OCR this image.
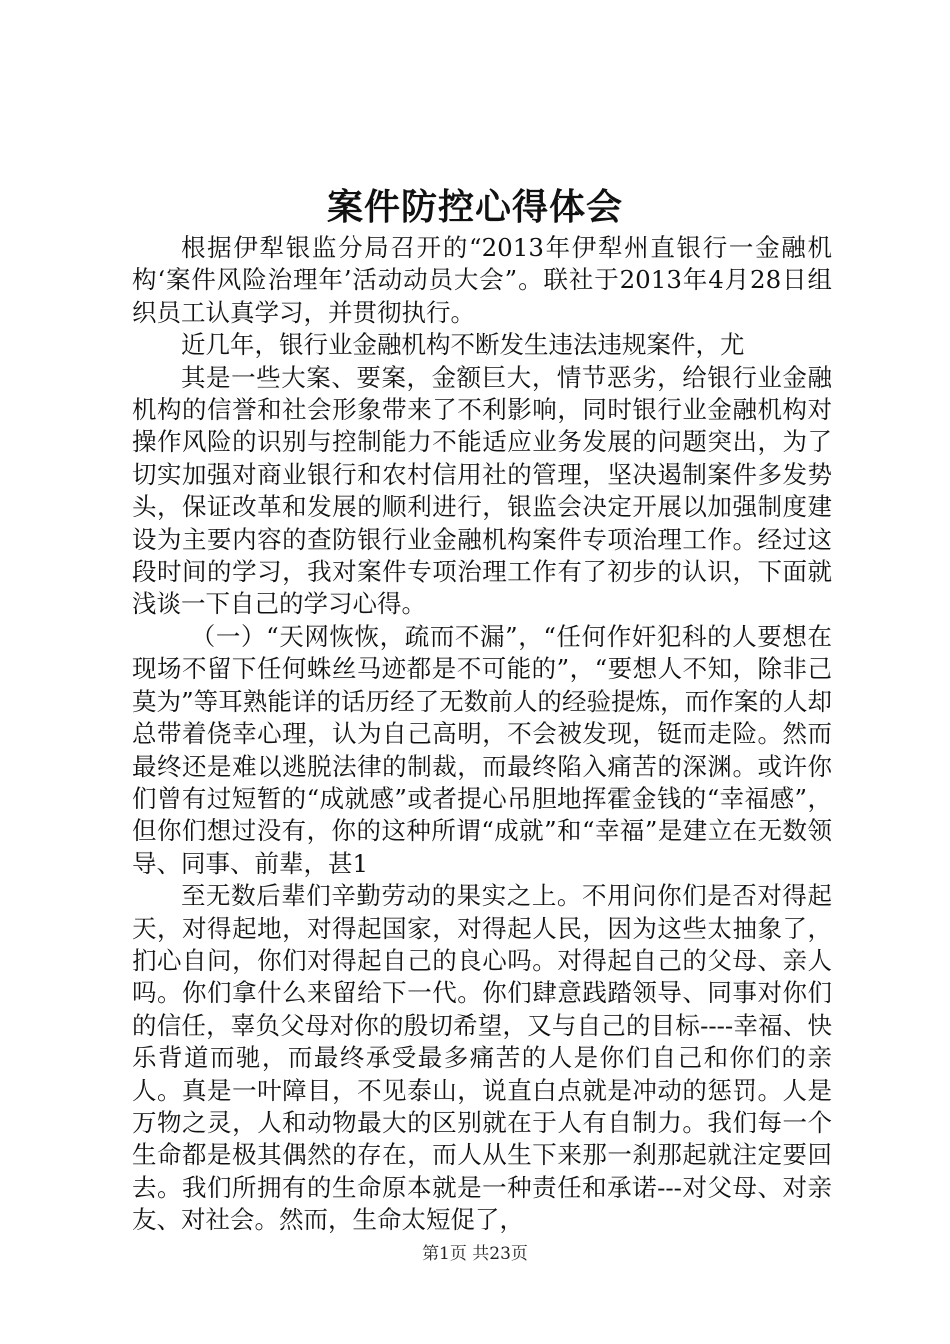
案件防控心得体会

根据伊犁银监分局召开的“2013年伊犁州直银行一金融机构‘案件风险治理年’活动动员大会”。联社于2013年4月28日组织员工认真学习，并贯彻执行。

近几年，银行业金融机构不断发生违法违规案件，尤

其是一些大案、要案，金额巨大，情节恶劣，给银行业金融机构的信誉和社会形象带来了不利影响，同时银行业金融机构对操作风险的识别与控制能力不能适应业务发展的问题突出，为了切实加强对商业银行和农村信用社的管理，坚决遏制案件多发势头，保证改革和发展的顺利进行，银监会决定开展以加强制度建设为主要内容的查防银行业金融机构案件专项治理工作。经过这段时间的学习，我对案件专项治理工作有了初步的认识，下面就浅谈一下自己的学习心得。

（一）“天网恢恢，疏而不漏”，“任何作奸犯科的人要想在现场不留下任何蛛丝马迹都是不可能的”，“要想人不知，除非己莫为”等耳熟能详的话历经了无数前人的经验提炼，而作案的人却总带着侥幸心理，认为自己高明，不会被发现，铤而走险。然而最终还是难以逃脱法律的制裁，而最终陷入痛苦的深渊。或许你们曾有过短暂的“成就感”或者提心吊胆地挥霍金钱的“幸福感”，但你们想过没有，你的这种所谓“成就”和“幸福”是建立在无数领导、同事、前辈，甚1

至无数后辈们辛勤劳动的果实之上。不用问你们是否对得起天，对得起地，对得起国家，对得起人民，因为这些太抽象了，扪心自问，你们对得起自己的良心吗。对得起自己的父母、亲人吗。你们拿什么来留给下一代。你们肆意践踏领导、同事对你们的信任，辜负父母对你的殷切希望，又与自己的目标----幸福、快乐背道而驰，而最终承受最多痛苦的人是你们自己和你们的亲人。真是一叶障目，不见泰山，说直白点就是冲动的惩罚。人是万物之灵，人和动物最大的区别就在于人有自制力。我们每一个生命都是极其偶然的存在，而人从生下来那一刹那起就注定要回去。我们所拥有的生命原本就是一种责任和承诺---对父母、对亲友、对社会。然而，生命太短促了，

第1页 共23页
